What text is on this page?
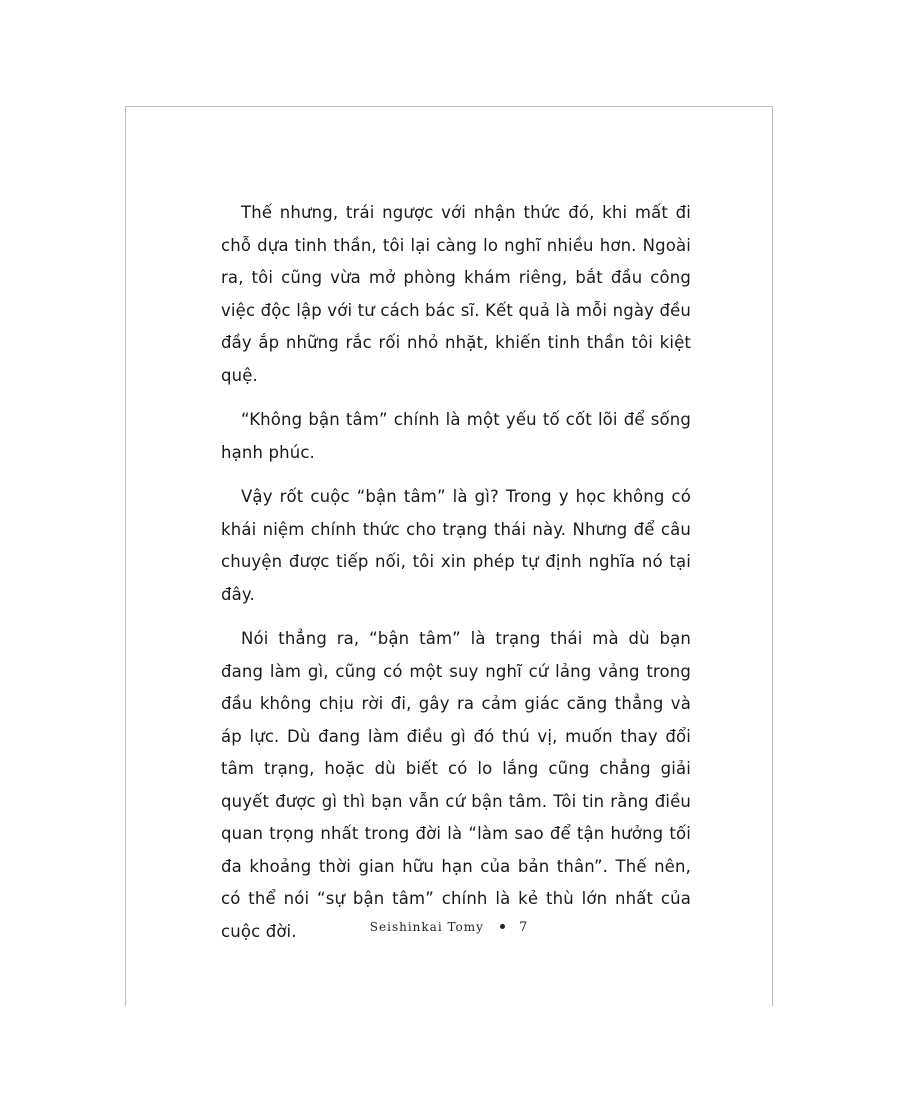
Thế nhưng, trái ngược với nhận thức đó, khi mất đi chỗ dựa tinh thần, tôi lại càng lo nghĩ nhiều hơn. Ngoài ra, tôi cũng vừa mở phòng khám riêng, bắt đầu công việc độc lập với tư cách bác sĩ. Kết quả là mỗi ngày đều đầy ắp những rắc rối nhỏ nhặt, khiến tinh thần tôi kiệt quệ.

“Không bận tâm” chính là một yếu tố cốt lõi để sống hạnh phúc.

Vậy rốt cuộc “bận tâm” là gì? Trong y học không có khái niệm chính thức cho trạng thái này. Nhưng để câu chuyện được tiếp nối, tôi xin phép tự định nghĩa nó tại đây.

Nói thẳng ra, “bận tâm” là trạng thái mà dù bạn đang làm gì, cũng có một suy nghĩ cứ lảng vảng trong đầu không chịu rời đi, gây ra cảm giác căng thẳng và áp lực. Dù đang làm điều gì đó thú vị, muốn thay đổi tâm trạng, hoặc dù biết có lo lắng cũng chẳng giải quyết được gì thì bạn vẫn cứ bận tâm. Tôi tin rằng điều quan trọng nhất trong đời là “làm sao để tận hưởng tối đa khoảng thời gian hữu hạn của bản thân”. Thế nên, có thể nói “sự bận tâm” chính là kẻ thù lớn nhất của cuộc đời.	Seishinkai Tomy	7
